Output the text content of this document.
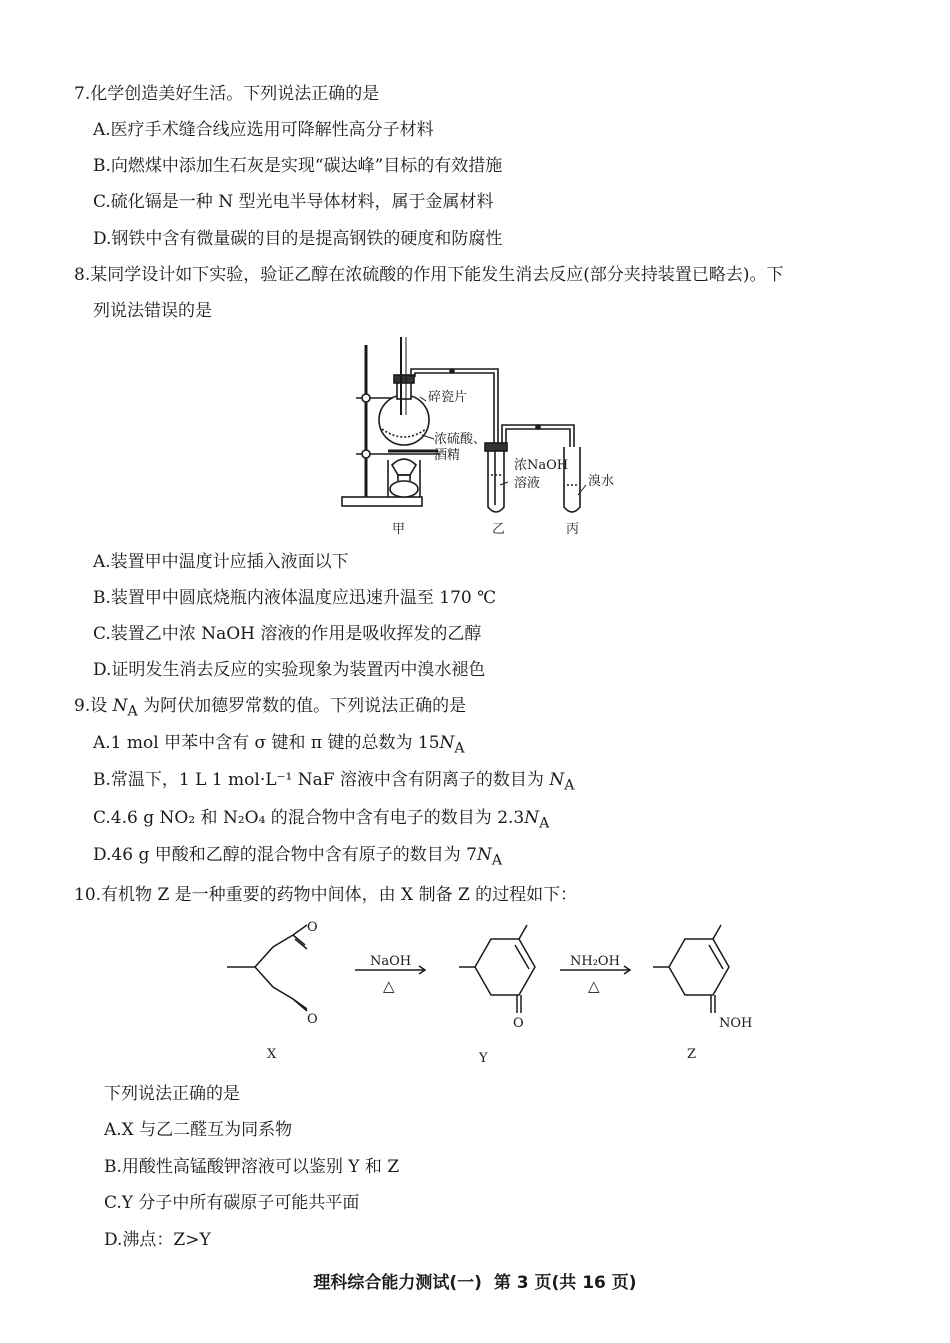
7.化学创造美好生活。下列说法正确的是
A.医疗手术缝合线应选用可降解性高分子材料
B.向燃煤中添加生石灰是实现“碳达峰”目标的有效措施
C.硫化镉是一种 N 型光电半导体材料，属于金属材料
D.钢铁中含有微量碳的目的是提高钢铁的硬度和防腐性
8.某同学设计如下实验，验证乙醇在浓硫酸的作用下能发生消去反应(部分夹持装置已略去)。下
列说法错误的是
碎瓷片
浓硫酸、
酒精
浓NaOH
溶液	溴水
甲	乙	丙
A.装置甲中温度计应插入液面以下
B.装置甲中圆底烧瓶内液体温度应迅速升温至 170 ℃
C.装置乙中浓 NaOH 溶液的作用是吸收挥发的乙醇
D.证明发生消去反应的实验现象为装置丙中溴水褪色
9.设 $N_A$ 为阿伏加德罗常数的值。下列说法正确的是
A.1 mol 甲苯中含有 σ 键和 π 键的总数为 $15N_A$
B.常温下，1 L 1 mol·L⁻¹ NaF 溶液中含有阴离子的数目为 $N_A$
C.4.6 g NO₂ 和 N₂O₄ 的混合物中含有电子的数目为 $2.3N_A$
D.46 g 甲酸和乙醇的混合物中含有原子的数目为 $7N_A$
10.有机物 Z 是一种重要的药物中间体，由 X 制备 Z 的过程如下：
O
O	O	NOH
NaOH
△
NH₂OH
△
X	Y	Z
下列说法正确的是
A.X 与乙二醛互为同系物
B.用酸性高锰酸钾溶液可以鉴别 Y 和 Z
C.Y 分子中所有碳原子可能共平面
D.沸点：Z>Y
理科综合能力测试(一) 第 3 页(共 16 页)
